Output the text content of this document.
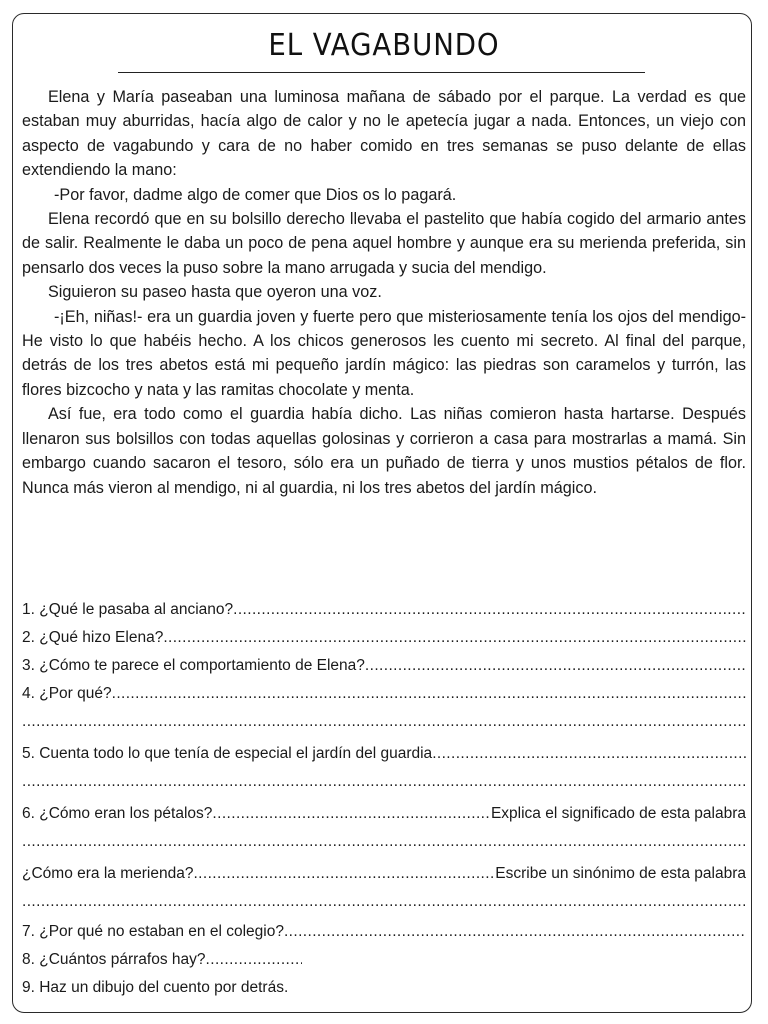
EL VAGABUNDO

Elena y María paseaban una luminosa mañana de sábado por el parque. La verdad es que estaban muy aburridas, hacía algo de calor y no le apetecía jugar a nada. Entonces, un viejo con aspecto de vagabundo y cara de no haber comido en tres semanas se puso delante de ellas extendiendo la mano:

-Por favor, dadme algo de comer que Dios os lo pagará.

Elena recordó que en su bolsillo derecho llevaba el pastelito que había cogido del armario antes de salir. Realmente le daba un poco de pena aquel hombre y aunque era su merienda preferida, sin pensarlo dos veces la puso sobre la mano arrugada y sucia del mendigo.

Siguieron su paseo hasta que oyeron una voz.

-¡Eh, niñas!- era un guardia joven y fuerte pero que misteriosamente tenía los ojos del mendigo- He visto lo que habéis hecho. A los chicos generosos les cuento mi secreto. Al final del parque, detrás de los tres abetos está mi pequeño jardín mágico: las piedras son caramelos y turrón, las flores bizcocho y nata y las ramitas chocolate y menta.

Así fue, era todo como el guardia había dicho. Las niñas comieron hasta hartarse. Después llenaron sus bolsillos con todas aquellas golosinas y corrieron a casa para mostrarlas a mamá. Sin embargo cuando sacaron el tesoro, sólo era un puñado de tierra y unos mustios pétalos de flor. Nunca más vieron al mendigo, ni al guardia, ni los tres abetos del jardín mágico.

1. ¿Qué le pasaba al anciano?
.....
2. ¿Qué hizo Elena?
.....
3. ¿Cómo te parece el comportamiento de Elena?
.....
4. ¿Por qué?
.....
.....
5. Cuenta todo lo que tenía de especial el jardín del guardia
.....
.....
6. ¿Cómo eran los pétalos? .....	Explica el significado de esta palabra
.....
¿Cómo era la merienda? .....	Escribe un sinónimo de esta palabra
.....
7. ¿Por qué no estaban en el colegio?
.....
8. ¿Cuántos párrafos hay?
.....
9. Haz un dibujo del cuento por detrás.
